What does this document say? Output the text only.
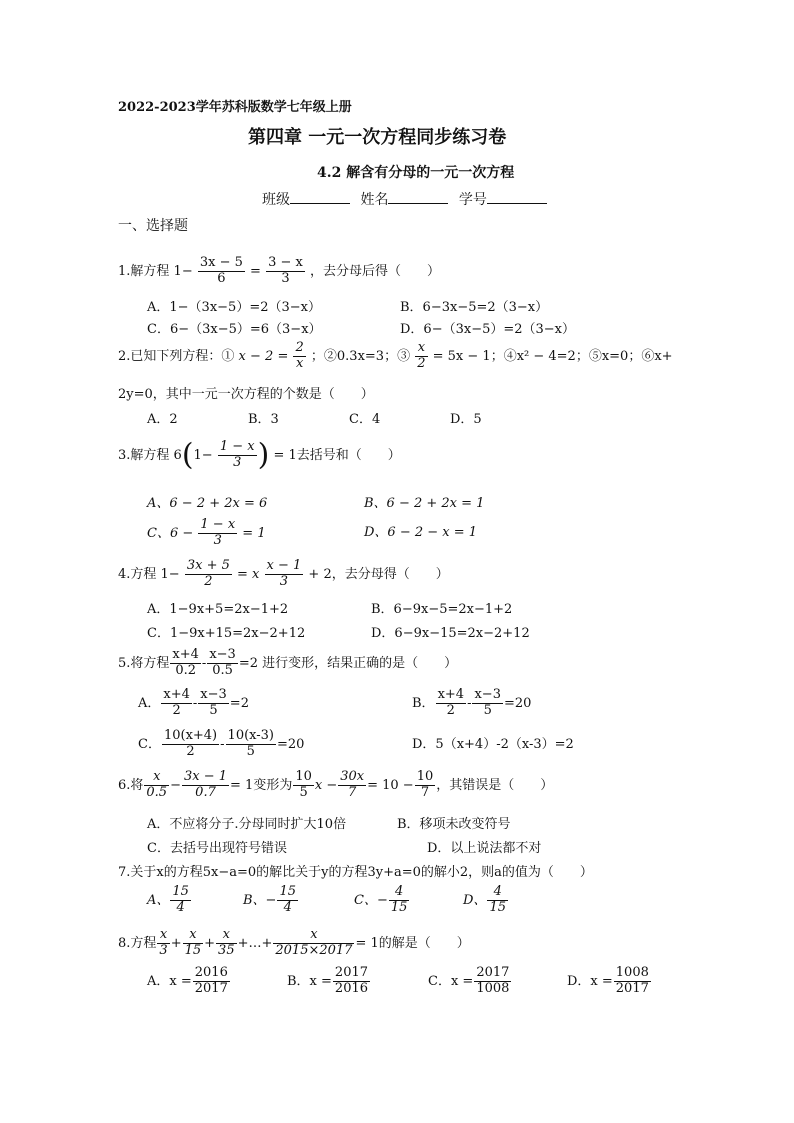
2022-2023学年苏科版数学七年级上册
第四章 一元一次方程同步练习卷
4.2 解含有分母的一元一次方程
班级	姓名	学号
一、选择题
1.解方程 $1- \frac{3x - 5}{6} = \frac{3 - x}{3}$ ，去分母后得（　　）
A．1−（3x−5）=2（3−x）	B．6−3x−5=2（3−x）
C．6−（3x−5）=6（3−x）	D．6−（3x−5）=2（3−x）
2.已知下列方程：① $x - 2 = \frac{2}{x}$ ；②0.3x=3；③ $\frac{x}{2} = 5x - 1$；④x² − 4=2；⑤x=0；⑥x+
2y=0，其中一元一次方程的个数是（　　）
A．2	B．3	C．4	D．5
3.解方程 $6(1- \frac{1 - x}{3}$ ) = 1去括号和（　　）
A、6 − 2 + 2x = 6	B、6 − 2 + 2x = 1
C、$6 - \frac{1 - x}{3} = 1$	D、6 − 2 − x = 1
4.方程 $1- \frac{3x + 5}{2} = x \frac{x - 1}{3} + 2$，去分母得（　　）
A．1−9x+5=2x−1+2	B．6−9x−5=2x−1+2
C．1−9x+15=2x−2+12	D．6−9x−15=2x−2+12
5.将方程 $\frac{x+4}{0.2} - \frac{x-3}{0.5} =2$ 进行变形，结果正确的是（　　）
A． $\frac{x+4}{2} - \frac{x-3}{5} =2$	B． $\frac{x+4}{2} - \frac{x-3}{5} =20$
C． $\frac{10(x+4)}{2} - \frac{10(x-3)}{5} =20$	D．5（x+4）-2（x-3）=2
6.将 $\frac{x}{0.5} - \frac{3x - 1}{0.7} = 1$变形为 $\frac{10}{5}$ $x - \frac{30x}{7} = 10 - \frac{10}{7}$ ，其错误是（　　）
A．不应将分子.分母同时扩大10倍	B．移项未改变符号
C．去括号出现符号错误	D．以上说法都不对
7.关于x的方程5x−a=0的解比关于y的方程3y+a=0的解小2，则a的值为（　　）
A、 $\frac{15}{4}$	B、− $\frac{15}{4}$	C、− $\frac{4}{15}$	D、 $\frac{4}{15}$
8.方程 $\frac{x}{3} + \frac{x}{15} + \frac{x}{35}$ +…+ $\frac{x}{2015\times 2017} = 1$的解是（　　）
A．$x = \frac{2016}{2017}$	B．$x = \frac{2017}{2016}$	C．$x = \frac{2017}{1008}$	D．$x = \frac{1008}{2017}$
